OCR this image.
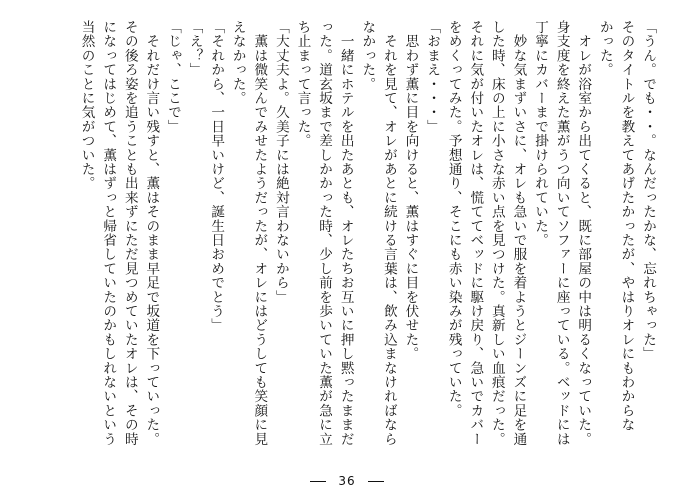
「うん。でも・・。なんだったかな、忘れちゃった」
そのタイトルを教えてあげたかったが、やはりオレにもわからな
かった。
　オレが浴室から出てくると、既に部屋の中は明るくなっていた。
身支度を終えた薫がうつ向いてソファーに座っている。ベッドには
丁寧にカバーまで掛けられていた。
　妙な気まずいさに、オレも急いで服を着ようとジーンズに足を通
した時、床の上に小さな赤い点を見つけた。真新しい血痕だった。
それに気が付いたオレは、慌ててベッドに駆け戻り、急いでカバー
をめくってみた。予想通り、そこにも赤い染みが残っていた。
「おまえ・・・」
　思わず薫に目を向けると、薫はすぐに目を伏せた。
　それを見て、オレがあとに続ける言葉は、飲み込まなければなら
なかった。
　一緒にホテルを出たあとも、オレたちお互いに押し黙ったままだ
った。道玄坂まで差しかかった時、少し前を歩いていた薫が急に立
ち止まって言った。
「大丈夫よ。久美子には絶対言わないから」
　薫は微笑んでみせたようだったが、オレにはどうしても笑顔に見
えなかった。
「それから、一日早いけど、誕生日おめでとう」
「え？」
「じゃ、ここで」
　それだけ言い残すと、薫はそのまま早足で坂道を下っていった。
その後ろ姿を追うことも出来ずにただ見つめていたオレは、その時
になってはじめて、薫はずっと帰省していたのかもしれないという
当然のことに気がついた。
36
